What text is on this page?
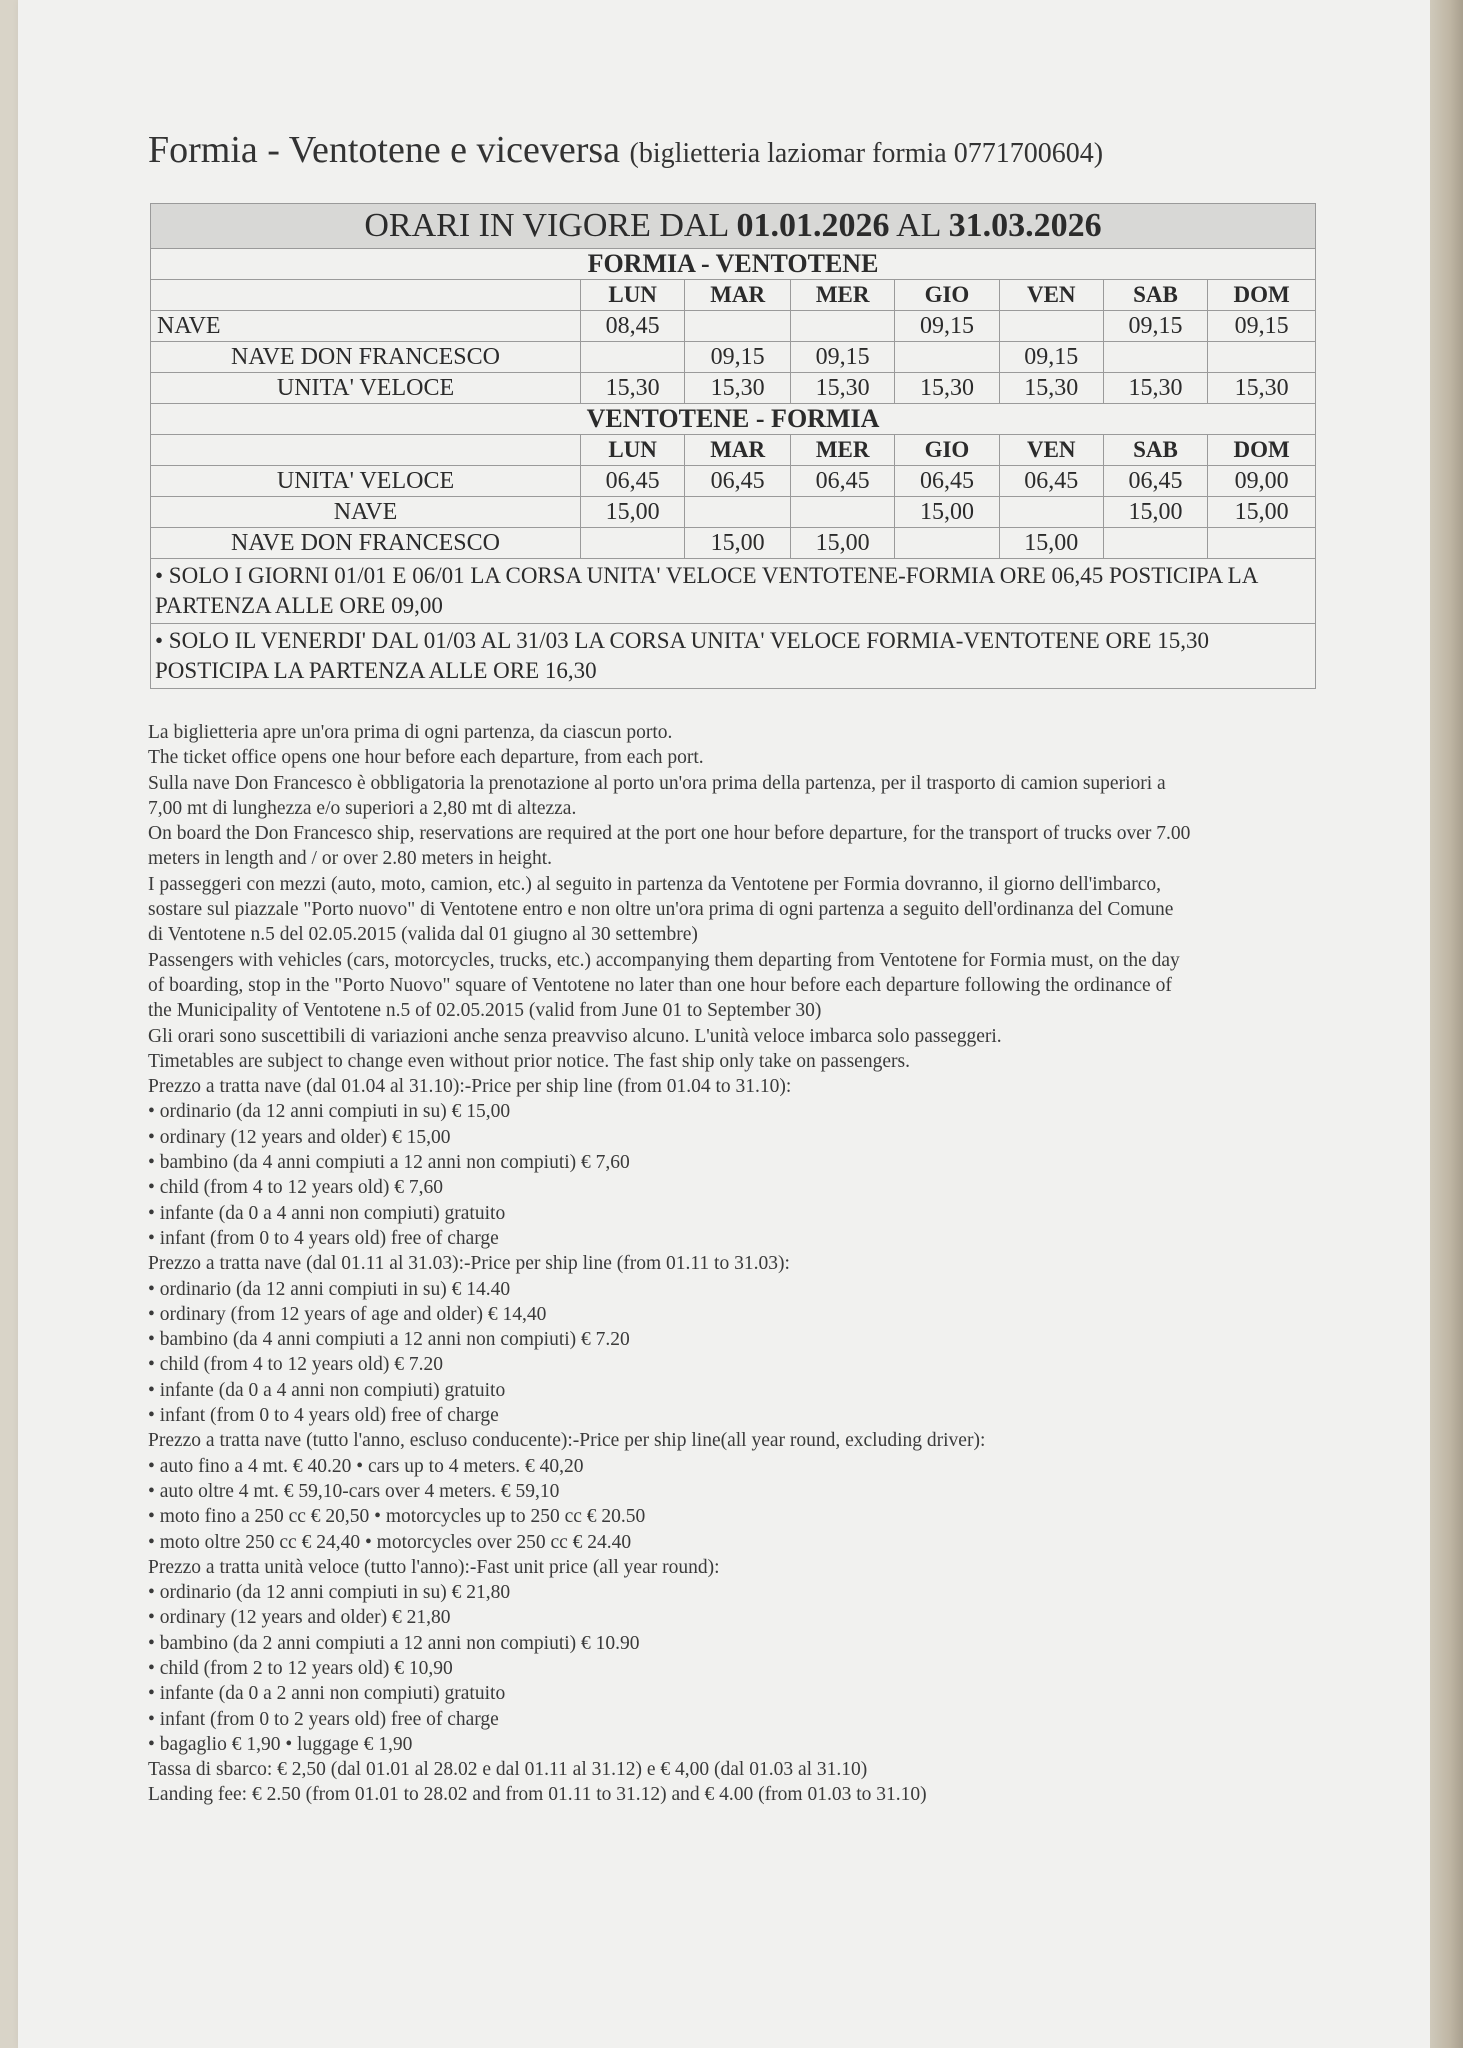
Formia - Ventotene e viceversa (biglietteria laziomar formia 0771700604)
ORARI IN VIGORE DAL 01.01.2026 AL 31.03.2026							
FORMIA - VENTOTENE							
	LUN	MAR	MER	GIO	VEN	SAB	DOM
NAVE	08,45			09,15		09,15	09,15
NAVE DON FRANCESCO		09,15	09,15		09,15		
UNITA' VELOCE	15,30	15,30	15,30	15,30	15,30	15,30	15,30
VENTOTENE - FORMIA							
	LUN	MAR	MER	GIO	VEN	SAB	DOM
UNITA' VELOCE	06,45	06,45	06,45	06,45	06,45	06,45	09,00
NAVE	15,00			15,00		15,00	15,00
NAVE DON FRANCESCO		15,00	15,00		15,00		
• SOLO I GIORNI 01/01 E 06/01 LA CORSA UNITA' VELOCE VENTOTENE-FORMIA ORE 06,45 POSTICIPA LA PARTENZA ALLE ORE 09,00							
• SOLO IL VENERDI' DAL 01/03 AL 31/03 LA CORSA UNITA' VELOCE FORMIA-VENTOTENE ORE 15,30 POSTICIPA LA PARTENZA ALLE ORE 16,30							

La biglietteria apre un'ora prima di ogni partenza, da ciascun porto.

The ticket office opens one hour before each departure, from each port.

Sulla nave Don Francesco è obbligatoria la prenotazione al porto un'ora prima della partenza, per il trasporto di camion superiori a

7,00 mt di lunghezza e/o superiori a 2,80 mt di altezza.

On board the Don Francesco ship, reservations are required at the port one hour before departure, for the transport of trucks over 7.00

meters in length and / or over 2.80 meters in height.

I passeggeri con mezzi (auto, moto, camion, etc.) al seguito in partenza da Ventotene per Formia dovranno, il giorno dell'imbarco,

sostare sul piazzale "Porto nuovo" di Ventotene entro e non oltre un'ora prima di ogni partenza a seguito dell'ordinanza del Comune

di Ventotene n.5 del 02.05.2015 (valida dal 01 giugno al 30 settembre)

Passengers with vehicles (cars, motorcycles, trucks, etc.) accompanying them departing from Ventotene for Formia must, on the day

of boarding, stop in the "Porto Nuovo" square of Ventotene no later than one hour before each departure following the ordinance of

the Municipality of Ventotene n.5 of 02.05.2015 (valid from June 01 to September 30)

Gli orari sono suscettibili di variazioni anche senza preavviso alcuno. L'unità veloce imbarca solo passeggeri.

Timetables are subject to change even without prior notice. The fast ship only take on passengers.

Prezzo a tratta nave (dal 01.04 al 31.10):-Price per ship line (from 01.04 to 31.10):

• ordinario (da 12 anni compiuti in su) € 15,00

• ordinary (12 years and older) € 15,00

• bambino (da 4 anni compiuti a 12 anni non compiuti) € 7,60

• child (from 4 to 12 years old) € 7,60

• infante (da 0 a 4 anni non compiuti) gratuito

• infant (from 0 to 4 years old) free of charge

Prezzo a tratta nave (dal 01.11 al 31.03):-Price per ship line (from 01.11 to 31.03):

• ordinario (da 12 anni compiuti in su) € 14.40

• ordinary (from 12 years of age and older) € 14,40

• bambino (da 4 anni compiuti a 12 anni non compiuti) € 7.20

• child (from 4 to 12 years old) € 7.20

• infante (da 0 a 4 anni non compiuti) gratuito

• infant (from 0 to 4 years old) free of charge

Prezzo a tratta nave (tutto l'anno, escluso conducente):-Price per ship line(all year round, excluding driver):

• auto fino a 4 mt. € 40.20 • cars up to 4 meters. € 40,20

• auto oltre 4 mt. € 59,10-cars over 4 meters. € 59,10

• moto fino a 250 cc € 20,50 • motorcycles up to 250 cc € 20.50

• moto oltre 250 cc € 24,40 • motorcycles over 250 cc € 24.40

Prezzo a tratta unità veloce (tutto l'anno):-Fast unit price (all year round):

• ordinario (da 12 anni compiuti in su) € 21,80

• ordinary (12 years and older) € 21,80

• bambino (da 2 anni compiuti a 12 anni non compiuti) € 10.90

• child (from 2 to 12 years old) € 10,90

• infante (da 0 a 2 anni non compiuti) gratuito

• infant (from 0 to 2 years old) free of charge

• bagaglio € 1,90 • luggage € 1,90

Tassa di sbarco: € 2,50 (dal 01.01 al 28.02 e dal 01.11 al 31.12) e € 4,00 (dal 01.03 al 31.10)

Landing fee: € 2.50 (from 01.01 to 28.02 and from 01.11 to 31.12) and € 4.00 (from 01.03 to 31.10)
